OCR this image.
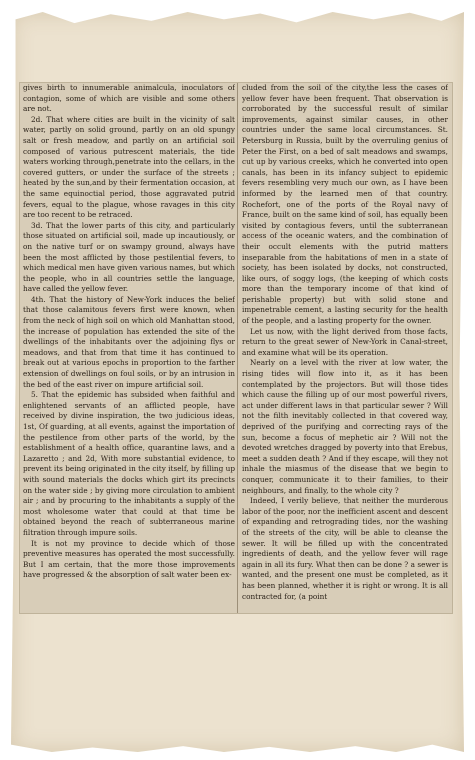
gives birth to innumerable animalcula, inoculators of contagion, some of which are visible and some others are not.

2d. That where cities are built in the vicinity of salt water, partly on solid ground, partly on an old spungy salt or fresh meadow, and partly on an artificial soil composed of various putrescent materials, the tide waters working through,penetrate into the cellars, in the covered gutters, or under the surface of the streets ; heated by the sun,and by their fermentation occasion, at the same equinoctial period, those aggravated putrid fevers, equal to the plague, whose ravages in this city are too recent to be retraced.

3d. That the lower parts of this city, and particularly those situated on artificial soil, made up incautiously, or on the native turf or on swampy ground, always have been the most afflicted by those pestilential fevers, to which medical men have given various names, but which the people, who in all countries settle the language, have called the yellow fever.

4th. That the history of New-York induces the belief that those calamitous fevers first were known, when from the neck of high soil on which old Manhattan stood, the increase of population has extended the site of the dwellings of the inhabitants over the adjoining flys or meadows, and that from that time it has continued to break out at various epochs in proportion to the farther extension of dwellings on foul soils, or by an intrusion in the bed of the east river on impure artificial soil.

5. That the epidemic has subsided when faithful and enlightened servants of an afflicted people, have received by divine inspiration, the two judicious ideas, 1st, Of guarding, at all events, against the importation of the pestilence from other parts of the world, by the establishment of a health office, quarantine laws, and a Lazaretto ; and 2d, With more substantial evidence, to prevent its being originated in the city itself, by filling up with sound materials the docks which girt its precincts on the water side ; by giving more circulation to ambient air ; and by procuring to the inhabitants a supply of the most wholesome water that could at that time be obtained beyond the reach of subterraneous marine filtration through impure soils.

It is not my province to decide which of those preventive measures has operated the most successfully. But I am certain, that the more those improvements have progressed & the absorption of salt water been ex-

cluded from the soil of the city,the less the cases of yellow fever have been frequent. That observation is corroborated by the successful result of similar improvements, against similar causes, in other countries under the same local circumstances. St. Petersburg in Russia, built by the overruling genius of Peter the First, on a bed of salt meadows and swamps, cut up by various creeks, which he converted into open canals, has been in its infancy subject to epidemic fevers resembling very much our own, as I have been informed by the learned men of that country. Rochefort, one of the ports of the Royal navy of France, built on the same kind of soil, has equally been visited by contagious fevers, until the subterranean access of the oceanic waters, and the combination of their occult elements with the putrid matters inseparable from the habitations of men in a state of society, has been isolated by docks, not constructed, like ours, of soggy logs, (the keeping of which costs more than the temporary income of that kind of perishable property) but with solid stone and impenetrable cement, a lasting security for the health of the people, and a lasting property for the owner.

Let us now, with the light derived from those facts, return to the great sewer of New-York in Canal-street, and examine what will be its operation.

Nearly on a level with the river at low water, the rising tides will flow into it, as it has been contemplated by the projectors. But will those tides which cause the filling up of our most powerful rivers, act under different laws in that particular sewer ? Will not the filth inevitably collected in that covered way, deprived of the purifying and correcting rays of the sun, become a focus of mephetic air ? Will not the devoted wretches dragged by poverty into that Erebus, meet a sudden death ? And if they escape, will they not inhale the miasmus of the disease that we begin to conquer, communicate it to their families, to their neighbours, and finally, to the whole city ?

Indeed, I verily believe, that neither the murderous labor of the poor, nor the inefficient ascent and descent of expanding and retrograding tides, nor the washing of the streets of the city, will be able to cleanse the sewer. It will be filled up with the concentrated ingredients of death, and the yellow fever will rage again in all its fury. What then can be done ? a sewer is wanted, and the present one must be completed, as it has been planned, whether it is right or wrong. It is all contracted for, (a point
